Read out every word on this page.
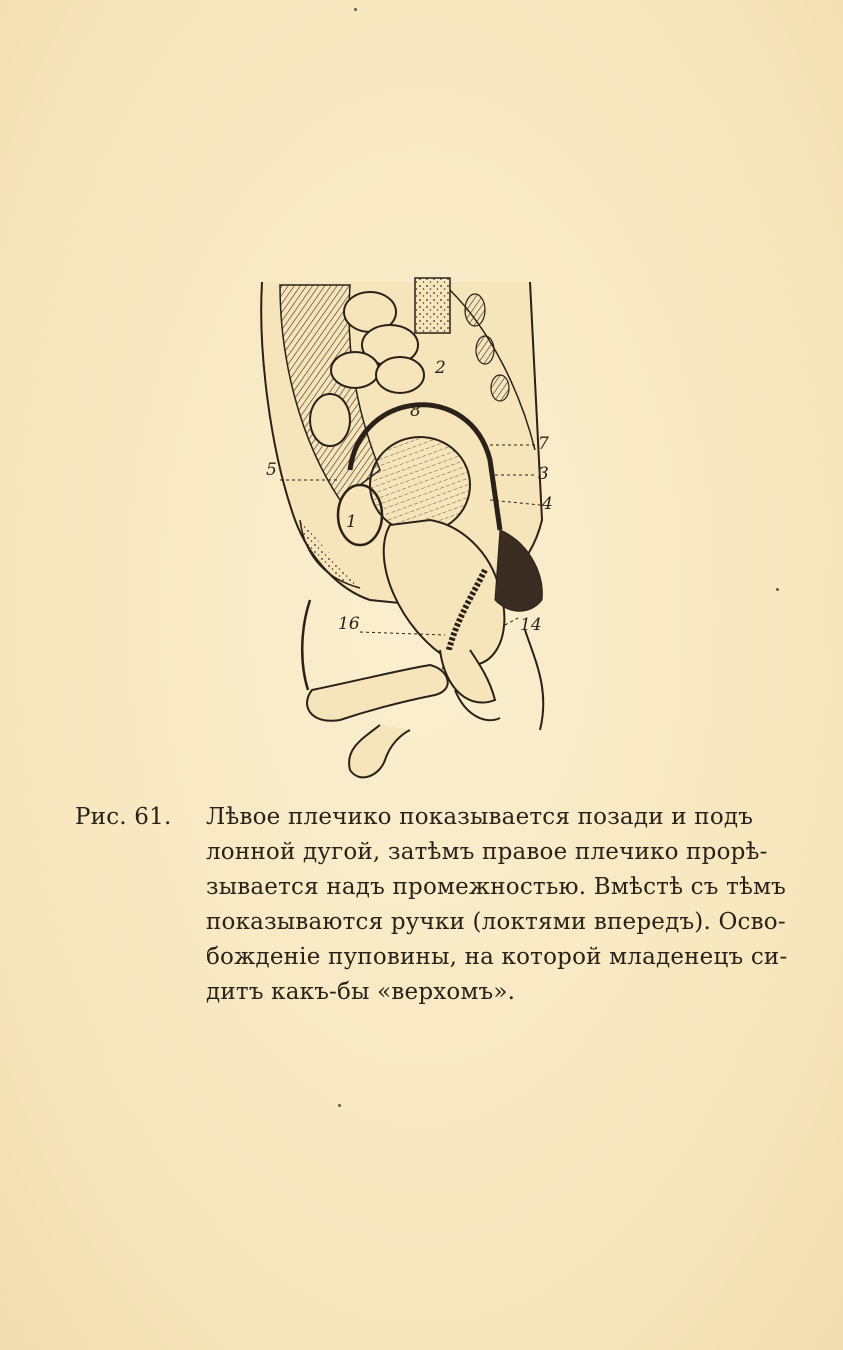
1
2
3
4
5
7
8
14
16
Рис. 61.	Лѣвое плечико показывается позади и подъ
лонной дугой, затѣмъ правое плечико прорѣ-
зывается надъ промежностью. Вмѣстѣ съ тѣмъ
показываются ручки (локтями впередъ). Осво-
божденіе пуповины, на которой младенецъ си-
дитъ какъ-бы «верхомъ».
